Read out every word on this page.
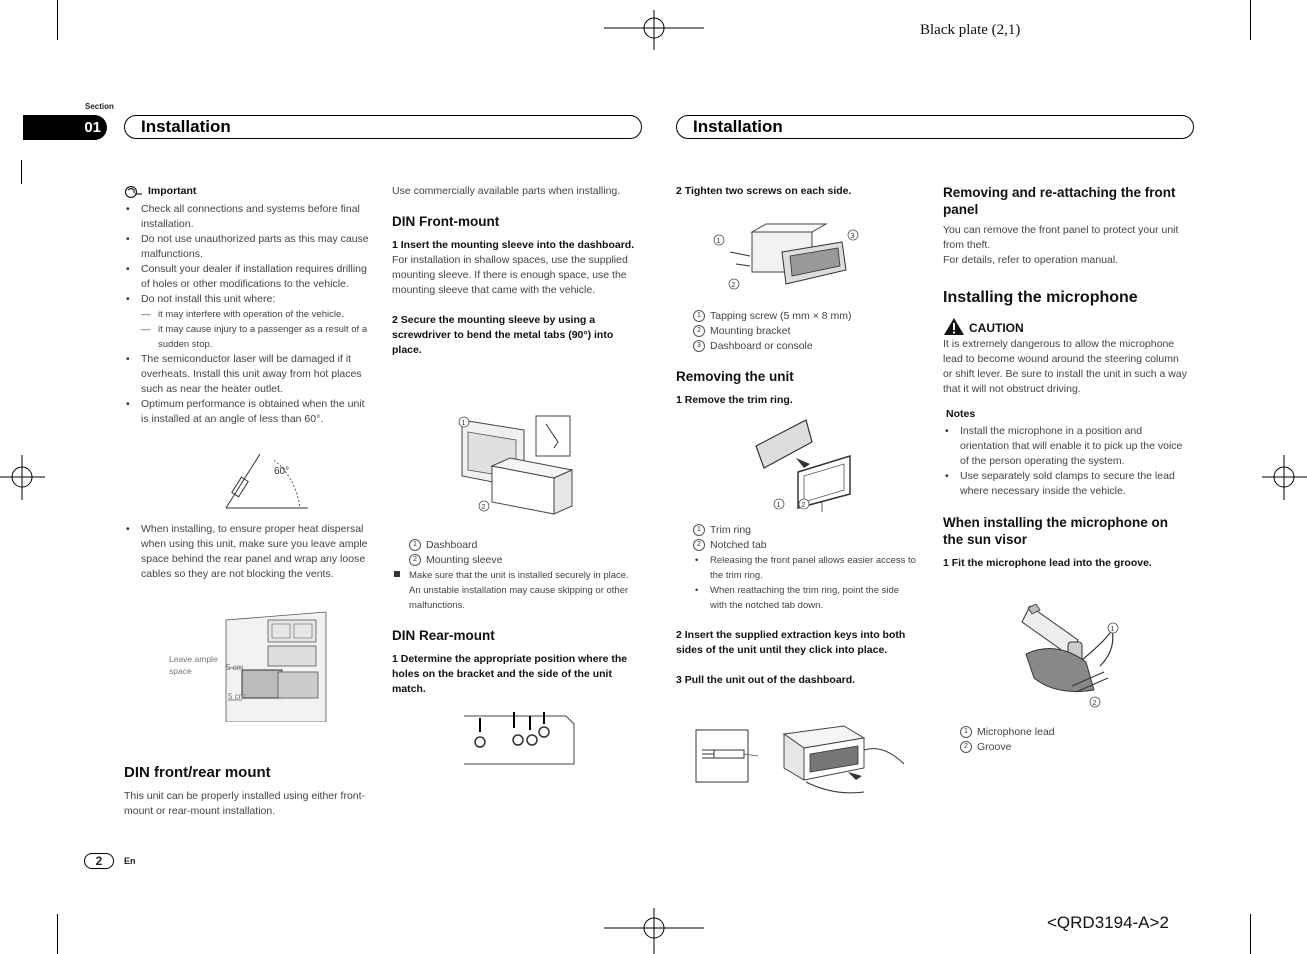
Black plate (2,1)
<QRD3194-A>2
Section
01	Installation	Installation
Important
• Check all connections and systems before final installation.
• Do not use unauthorized parts as this may cause malfunctions.
• Consult your dealer if installation requires drilling of holes or other modifications to the vehicle.
• Do not install this unit where:
— it may interfere with operation of the vehicle.
— it may cause injury to a passenger as a result of a sudden stop.
• The semiconductor laser will be damaged if it overheats. Install this unit away from hot places such as near the heater outlet.
• Optimum performance is obtained when the unit is installed at an angle of less than 60°.
60°
• When installing, to ensure proper heat dispersal when using this unit, make sure you leave ample space behind the rear panel and wrap any loose cables so they are not blocking the vents.
Leave ample
space	5 cm
5 cm

DIN front/rear mount

This unit can be properly installed using either front-mount or rear-mount installation.

Use commercially available parts when installing.

DIN Front-mount

1 Insert the mounting sleeve into the dashboard.

For installation in shallow spaces, use the supplied mounting sleeve. If there is enough space, use the mounting sleeve that came with the vehicle.

2 Secure the mounting sleeve by using a screwdriver to bend the metal tabs (90°) into place.

1
2
1 Dashboard
2 Mounting sleeve

Make sure that the unit is installed securely in place. An unstable installation may cause skipping or other malfunctions.

DIN Rear-mount

1 Determine the appropriate position where the holes on the bracket and the side of the unit match.

2 Tighten two screws on each side.

1
2
3
1 Tapping screw (5 mm × 8 mm)
2 Mounting bracket
3 Dashboard or console

Removing the unit

1 Remove the trim ring.

1	2
1 Trim ring
2 Notched tab
• Releasing the front panel allows easier access to the trim ring.
• When reattaching the trim ring, point the side with the notched tab down.

2 Insert the supplied extraction keys into both sides of the unit until they click into place.

3 Pull the unit out of the dashboard.

Removing and re-attaching the front panel

You can remove the front panel to protect your unit from theft.

For details, refer to operation manual.

Installing the microphone

CAUTION

It is extremely dangerous to allow the microphone lead to become wound around the steering column or shift lever. Be sure to install the unit in such a way that it will not obstruct driving.

Notes

• Install the microphone in a position and orientation that will enable it to pick up the voice of the person operating the system.
• Use separately sold clamps to secure the lead where necessary inside the vehicle.

When installing the microphone on the sun visor

1 Fit the microphone lead into the groove.

1
2
1 Microphone lead
2 Groove
2	En
